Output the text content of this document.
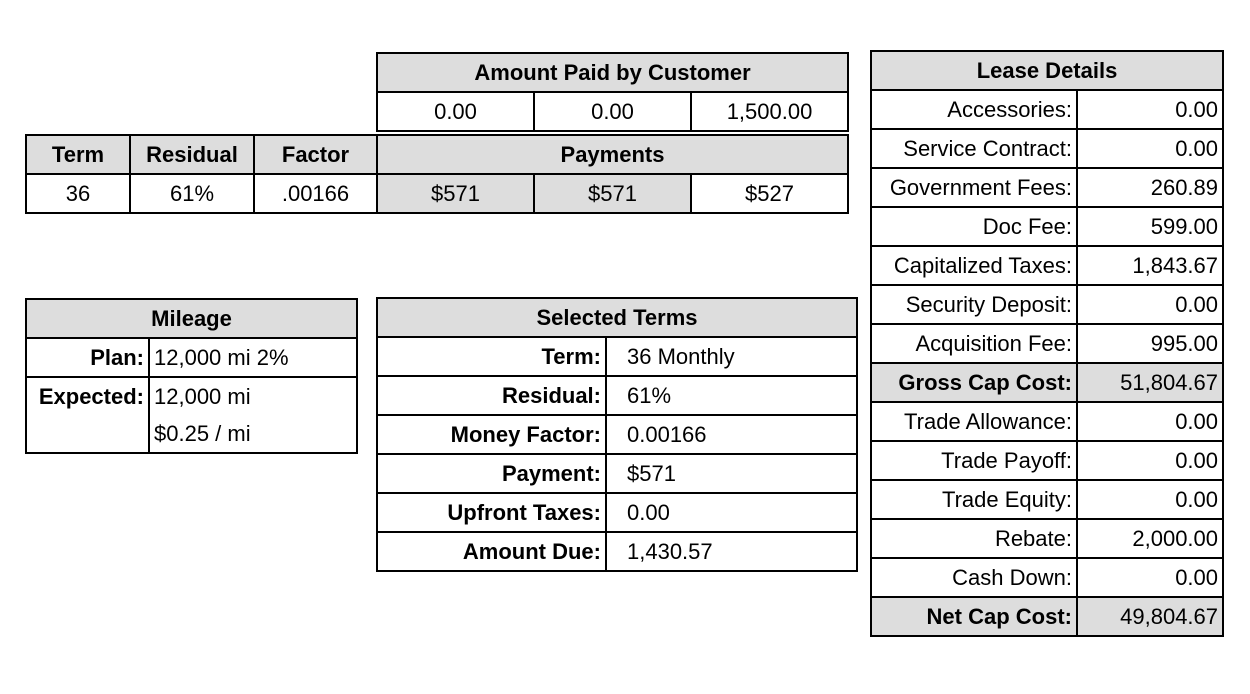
Amount Paid by Customer
0.00	0.00	1,500.00
Term	Residual	Factor	Payments		
36	61%	.00166	$571	$571	$527
Mileage	
Plan:	12,000 mi 2%
Expected:	12,000 mi
	$0.25 / mi
Selected Terms	
Term:	36 Monthly
Residual:	61%
Money Factor:	0.00166
Payment:	$571
Upfront Taxes:	0.00
Amount Due:	1,430.57
Lease Details	
Accessories:	0.00
Service Contract:	0.00
Government Fees:	260.89
Doc Fee:	599.00
Capitalized Taxes:	1,843.67
Security Deposit:	0.00
Acquisition Fee:	995.00
Gross Cap Cost:	51,804.67
Trade Allowance:	0.00
Trade Payoff:	0.00
Trade Equity:	0.00
Rebate:	2,000.00
Cash Down:	0.00
Net Cap Cost:	49,804.67
